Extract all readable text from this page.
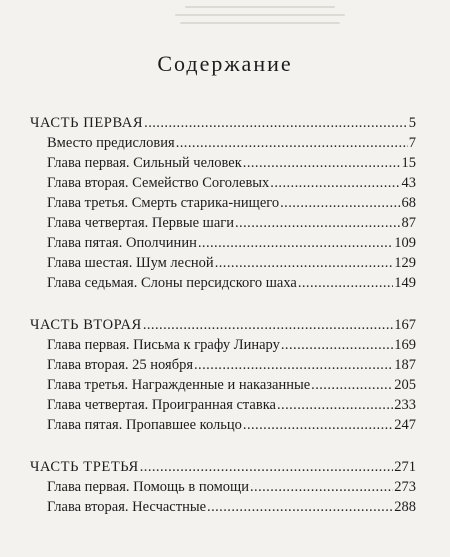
Содержание
ЧАСТЬ ПЕРВАЯ . . .	5
Вместо предисловия . . .	7
Глава первая. Сильный человек . . .	15
Глава вторая. Семейство Соголевых . . .	43
Глава третья. Смерть старика-нищего . . .	68
Глава четвертая. Первые шаги . . .	87
Глава пятая. Ополчинин . . .	109
Глава шестая. Шум лесной . . .	129
Глава седьмая. Слоны персидского шаха . . .	149
ЧАСТЬ ВТОРАЯ . . .	167
Глава первая. Письма к графу Линару . . .	169
Глава вторая. 25 ноября . . .	187
Глава третья. Награжденные и наказанные . . .	205
Глава четвертая. Проигранная ставка . . .	233
Глава пятая. Пропавшее кольцо . . .	247
ЧАСТЬ ТРЕТЬЯ . . .	271
Глава первая. Помощь в помощи . . .	273
Глава вторая. Несчастные . . .	288
